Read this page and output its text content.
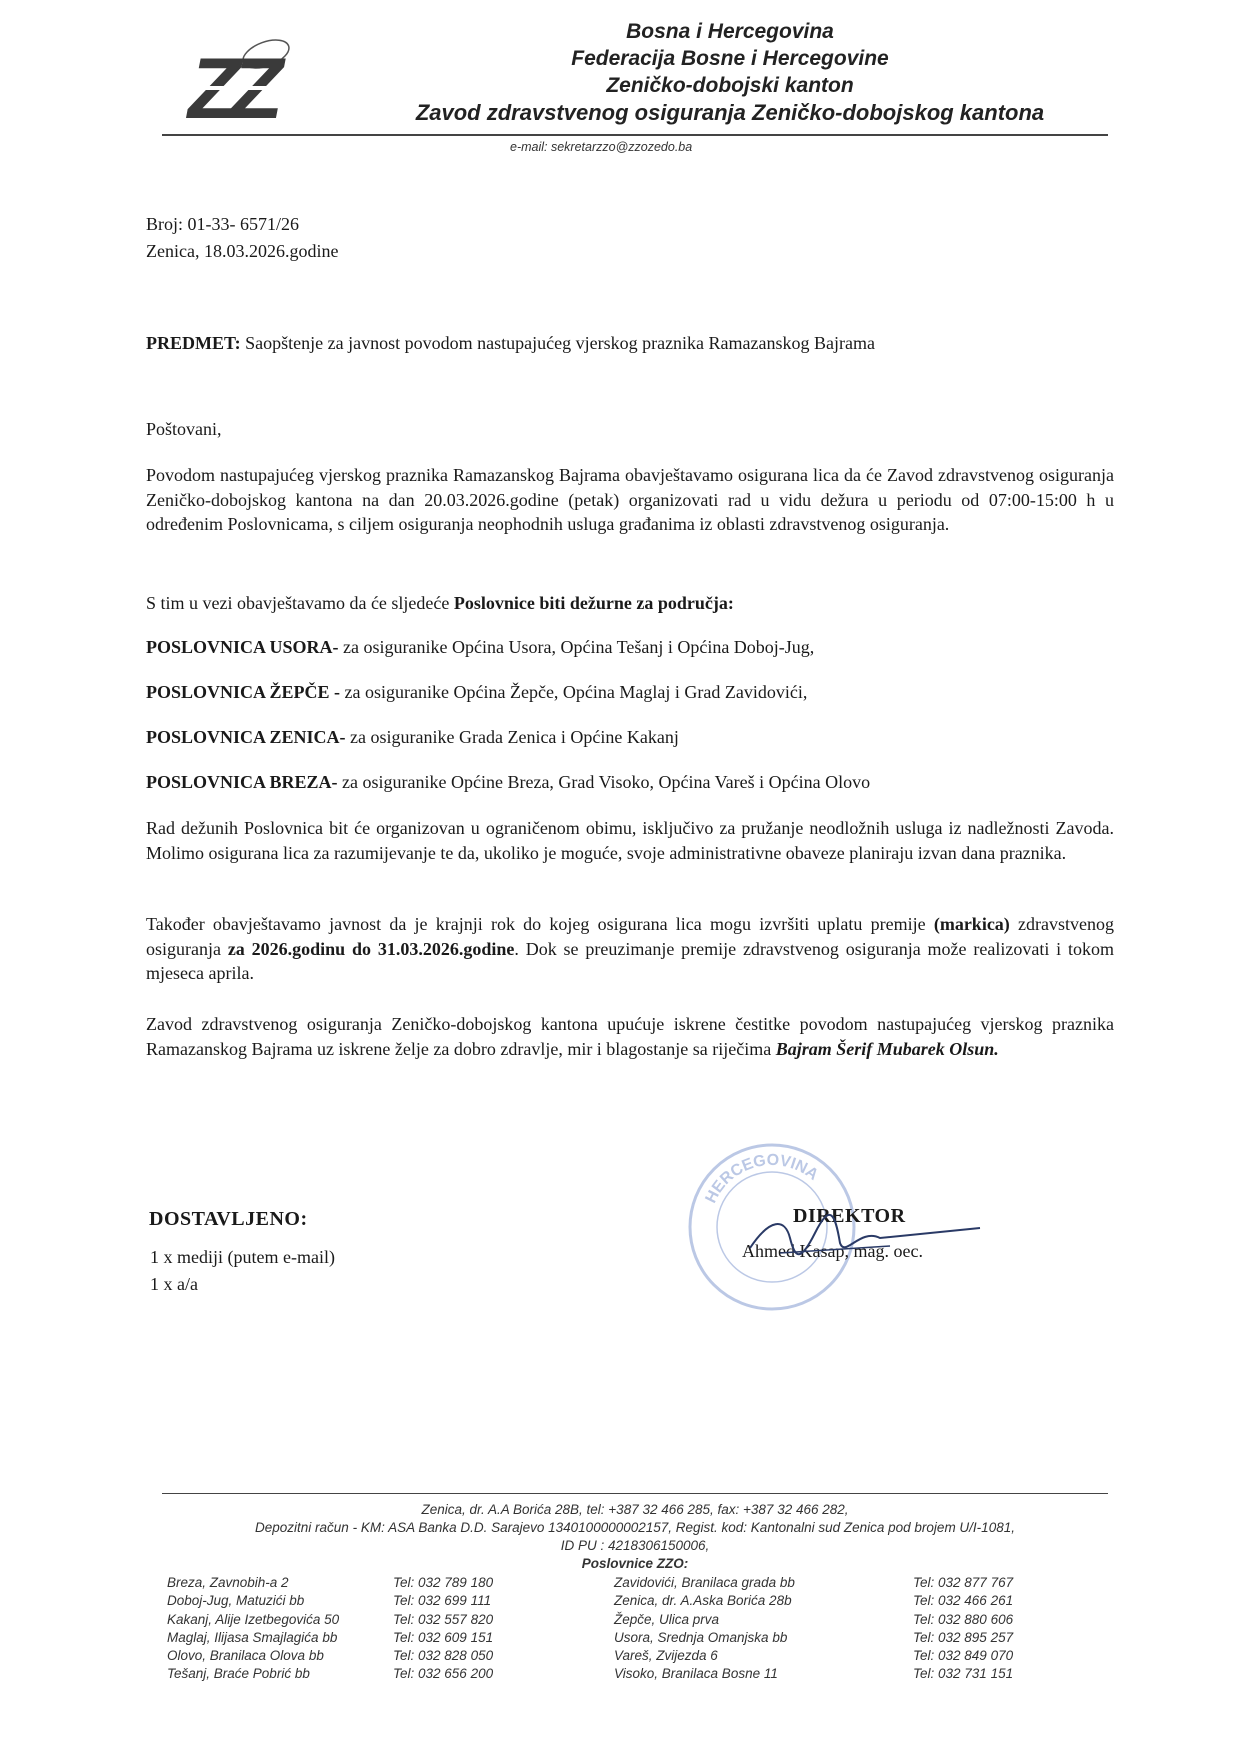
ZZ
Bosna i Hercegovina
Federacija Bosne i Hercegovine
Zeničko-dobojski kanton
Zavod zdravstvenog osiguranja Zeničko-dobojskog kantona
e-mail: sekretarzzo@zzozedo.ba
Broj: 01-33- 6571/26
Zenica, 18.03.2026.godine
PREDMET: Saopštenje za javnost povodom nastupajućeg vjerskog praznika Ramazanskog Bajrama
Poštovani,
Povodom nastupajućeg vjerskog praznika Ramazanskog Bajrama obavještavamo osigurana lica da će Zavod zdravstvenog osiguranja Zeničko-dobojskog kantona na dan 20.03.2026.godine (petak) organizovati rad u vidu dežura u periodu od 07:00-15:00 h u određenim Poslovnicama, s ciljem osiguranja neophodnih usluga građanima iz oblasti zdravstvenog osiguranja.
S tim u vezi obavještavamo da će sljedeće Poslovnice biti dežurne za područja:
POSLOVNICA USORA- za osiguranike Općina Usora, Općina Tešanj i Općina Doboj-Jug,
POSLOVNICA ŽEPČE - za osiguranike Općina Žepče, Općina Maglaj i Grad Zavidovići,
POSLOVNICA ZENICA- za osiguranike Grada Zenica i Općine Kakanj
POSLOVNICA BREZA- za osiguranike Općine Breza, Grad Visoko, Općina Vareš i Općina Olovo
Rad dežunih Poslovnica bit će organizovan u ograničenom obimu, isključivo za pružanje neodložnih usluga iz nadležnosti Zavoda. Molimo osigurana lica za razumijevanje te da, ukoliko je moguće, svoje administrativne obaveze planiraju izvan dana praznika.
Također obavještavamo javnost da je krajnji rok do kojeg osigurana lica mogu izvršiti uplatu premije (markica) zdravstvenog osiguranja za 2026.godinu do 31.03.2026.godine. Dok se preuzimanje premije zdravstvenog osiguranja može realizovati i tokom mjeseca aprila.
Zavod zdravstvenog osiguranja Zeničko-dobojskog kantona upućuje iskrene čestitke povodom nastupajućeg vjerskog praznika Ramazanskog Bajrama uz iskrene želje za dobro zdravlje, mir i blagostanje sa riječima Bajram Šerif Mubarek Olsun.
HERCEGOVINA
DOSTAVLJENO:
1 x mediji (putem e-mail)
1 x a/a
DIREKTOR
Ahmed Kasap, mag. oec.
Zenica, dr. A.A Borića 28B, tel: +387 32 466 285, fax: +387 32 466 282,
Depozitni račun - KM: ASA Banka D.D. Sarajevo 1340100000002157, Regist. kod: Kantonalni sud Zenica pod brojem U/I-1081,
ID PU : 4218306150006,
Poslovnice ZZO:
Breza, Zavnobih-a 2
Doboj-Jug, Matuzići bb
Kakanj, Alije Izetbegovića 50
Maglaj, Ilijasa Smajlagića bb
Olovo, Branilaca Olova bb
Tešanj, Braće Pobrić bb
Tel: 032 789 180
Tel: 032 699 111
Tel: 032 557 820
Tel: 032 609 151
Tel: 032 828 050
Tel: 032 656 200
Zavidovići, Branilaca grada bb
Zenica, dr. A.Aska Borića 28b
Žepče, Ulica prva
Usora, Srednja Omanjska bb
Vareš, Zvijezda 6
Visoko, Branilaca Bosne 11
Tel: 032 877 767
Tel: 032 466 261
Tel: 032 880 606
Tel: 032 895 257
Tel: 032 849 070
Tel: 032 731 151
